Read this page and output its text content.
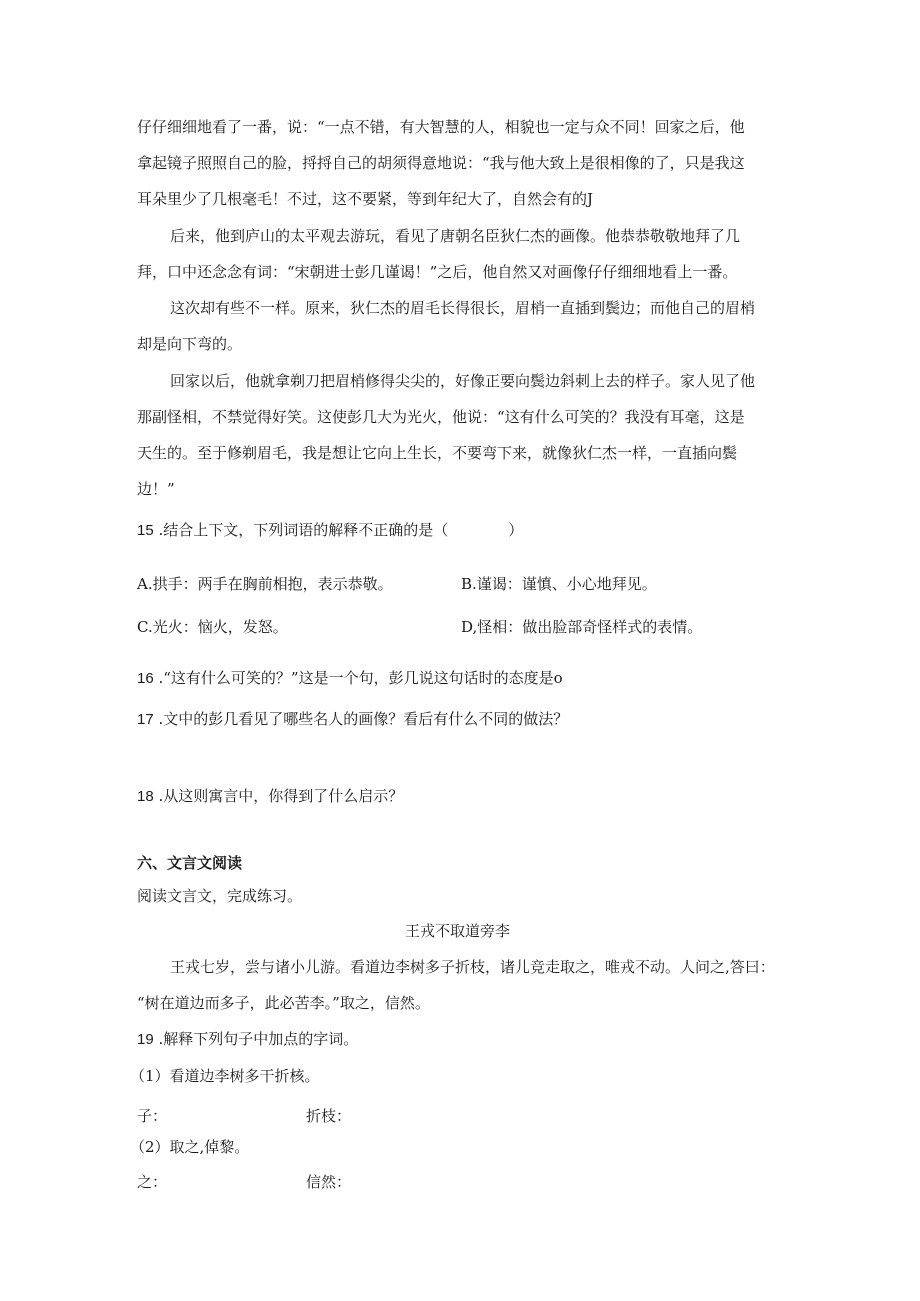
仔仔细细地看了一番，说：“一点不错，有大智慧的人，相貌也一定与众不同！回家之后，他
拿起镜子照照自己的脸，捋捋自己的胡须得意地说：“我与他大致上是很相像的了，只是我这
耳朵里少了几根毫毛！不过，这不要紧，等到年纪大了，自然会有的J
后来，他到庐山的太平观去游玩，看见了唐朝名臣狄仁杰的画像。他恭恭敬敬地拜了几
拜，口中还念念有词：“宋朝进士彭几谨谒！”之后，他自然又对画像仔仔细细地看上一番。
这次却有些不一样。原来，狄仁杰的眉毛长得很长，眉梢一直插到鬓边；而他自己的眉梢
却是向下弯的。
回家以后，他就拿剃刀把眉梢修得尖尖的，好像正要向鬓边斜刺上去的样子。家人见了他
那副怪相，不禁觉得好笑。这使彭几大为光火，他说：“这有什么可笑的？我没有耳毫，这是
天生的。至于修剃眉毛，我是想让它向上生长，不要弯下来，就像狄仁杰一样，一直插向鬓
边！”
15 .结合上下文，下列词语的解释不正确的是（　　　　）
A.拱手：两手在胸前相抱，表示恭敬。	B.谨谒：谨慎、小心地拜见。
C.光火：恼火，发怒。	D,怪相：做出脸部奇怪样式的表情。
16 .“这有什么可笑的？”这是一个句，彭几说这句话时的态度是o
17 .文中的彭几看见了哪些名人的画像？看后有什么不同的做法？
18 .从这则寓言中，你得到了什么启示？
六、文言文阅读
阅读文言文，完成练习。
王戎不取道旁李
王戎七岁，尝与诸小儿游。看道边李树多子折枝，诸儿竞走取之，唯戎不动。人问之,答曰：
“树在道边而多子，此必苦李。”取之，信然。
19 .解释下列句子中加点的字词。
（1）看道边李树多干折核。
子：	折枝：
（2）取之,倬黎。
之：	信然：
